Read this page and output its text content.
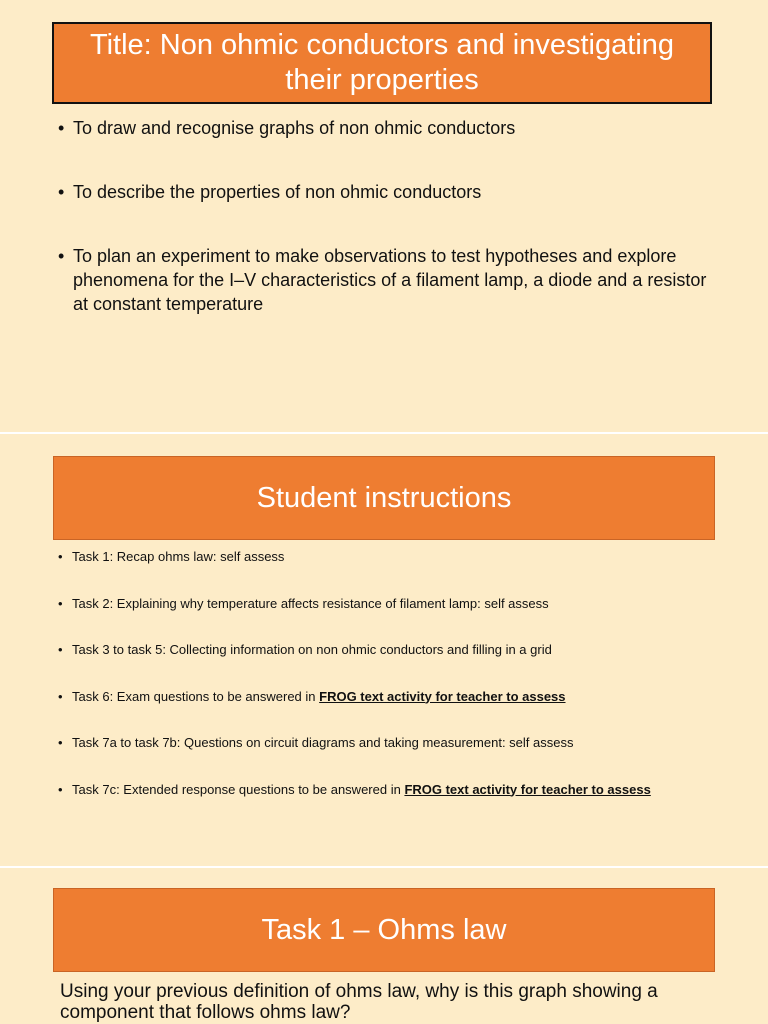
Title: Non ohmic conductors and investigating their properties
• To draw and recognise graphs of non ohmic conductors
• To describe the properties of non ohmic conductors
• To plan an experiment to make observations to test hypotheses and explore phenomena for the I–V characteristics of a filament lamp, a diode and a resistor at constant temperature
Student instructions
• Task 1: Recap ohms law: self assess
• Task 2: Explaining why temperature affects resistance of filament lamp: self assess
• Task 3 to task 5: Collecting information on non ohmic conductors and filling in a grid
• Task 6: Exam questions to be answered in FROG text activity for teacher to assess
• Task 7a to task 7b: Questions on circuit diagrams and taking measurement: self assess
• Task 7c: Extended response questions to be answered in FROG text activity for teacher to assess
Task 1 – Ohms law
Using your previous definition of ohms law, why is this graph showing a component that follows ohms law?
